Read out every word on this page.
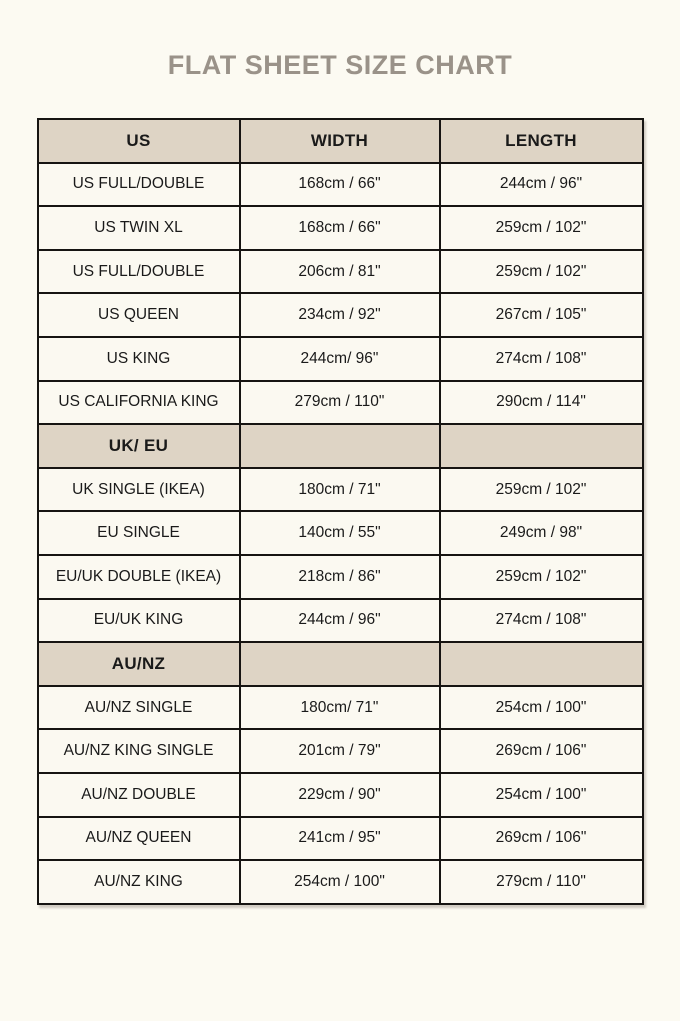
FLAT SHEET SIZE CHART
US	WIDTH	LENGTH
US FULL/DOUBLE	168cm / 66"	244cm / 96"
US TWIN XL	168cm / 66"	259cm / 102"
US FULL/DOUBLE	206cm / 81"	259cm / 102"
US QUEEN	234cm / 92"	267cm / 105"
US KING	244cm/ 96"	274cm / 108"
US CALIFORNIA KING	279cm / 110"	290cm / 114"
UK/ EU		
UK SINGLE (IKEA)	180cm / 71"	259cm / 102"
EU SINGLE	140cm / 55"	249cm / 98"
EU/UK DOUBLE (IKEA)	218cm / 86"	259cm / 102"
EU/UK KING	244cm / 96"	274cm / 108"
AU/NZ		
AU/NZ SINGLE	180cm/ 71"	254cm / 100"
AU/NZ KING SINGLE	201cm / 79"	269cm / 106"
AU/NZ DOUBLE	229cm / 90"	254cm / 100"
AU/NZ QUEEN	241cm / 95"	269cm / 106"
AU/NZ KING	254cm / 100"	279cm / 110"
